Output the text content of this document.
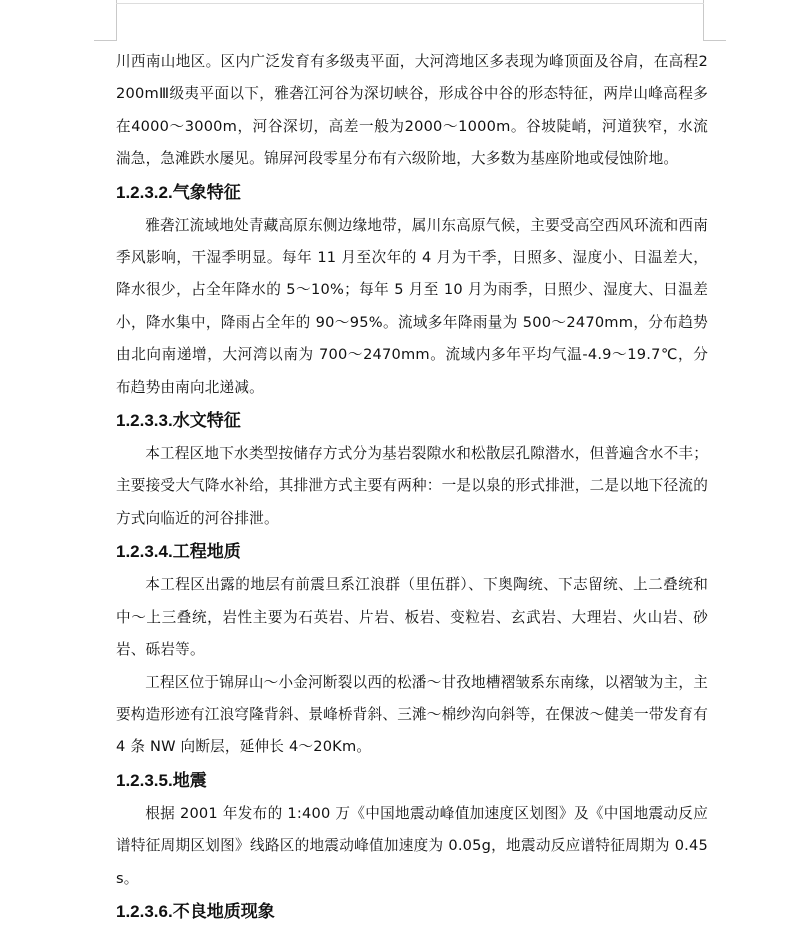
川西南山地区。区内广泛发育有多级夷平面，大河湾地区多表现为峰顶面及谷肩，在高程2200mⅢ级夷平面以下，雅砻江河谷为深切峡谷，形成谷中谷的形态特征，两岸山峰高程多在4000～3000m，河谷深切，高差一般为2000～1000m。谷坡陡峭，河道狭窄，水流湍急，急滩跌水屡见。锦屏河段零星分布有六级阶地，大多数为基座阶地或侵蚀阶地。

1.2.3.2.气象特征

雅砻江流域地处青藏高原东侧边缘地带，属川东高原气候，主要受高空西风环流和西南季风影响，干湿季明显。每年 11 月至次年的 4 月为干季，日照多、湿度小、日温差大，降水很少，占全年降水的 5～10%；每年 5 月至 10 月为雨季，日照少、湿度大、日温差小，降水集中，降雨占全年的 90～95%。流域多年降雨量为 500～2470mm，分布趋势由北向南递增，大河湾以南为 700～2470mm。流域内多年平均气温-4.9～19.7℃，分布趋势由南向北递减。

1.2.3.3.水文特征

本工程区地下水类型按储存方式分为基岩裂隙水和松散层孔隙潜水，但普遍含水不丰；主要接受大气降水补给，其排泄方式主要有两种：一是以泉的形式排泄，二是以地下径流的方式向临近的河谷排泄。

1.2.3.4.工程地质

本工程区出露的地层有前震旦系江浪群（里伍群）、下奥陶统、下志留统、上二叠统和中～上三叠统，岩性主要为石英岩、片岩、板岩、变粒岩、玄武岩、大理岩、火山岩、砂岩、砾岩等。

工程区位于锦屏山～小金河断裂以西的松潘～甘孜地槽褶皱系东南缘，以褶皱为主，主要构造形迹有江浪穹隆背斜、景峰桥背斜、三滩～棉纱沟向斜等，在倮波～健美一带发育有4 条 NW 向断层，延伸长 4～20Km。

1.2.3.5.地震

根据 2001 年发布的 1:400 万《中国地震动峰值加速度区划图》及《中国地震动反应谱特征周期区划图》线路区的地震动峰值加速度为 0.05g，地震动反应谱特征周期为 0.45s。

1.2.3.6.不良地质现象
